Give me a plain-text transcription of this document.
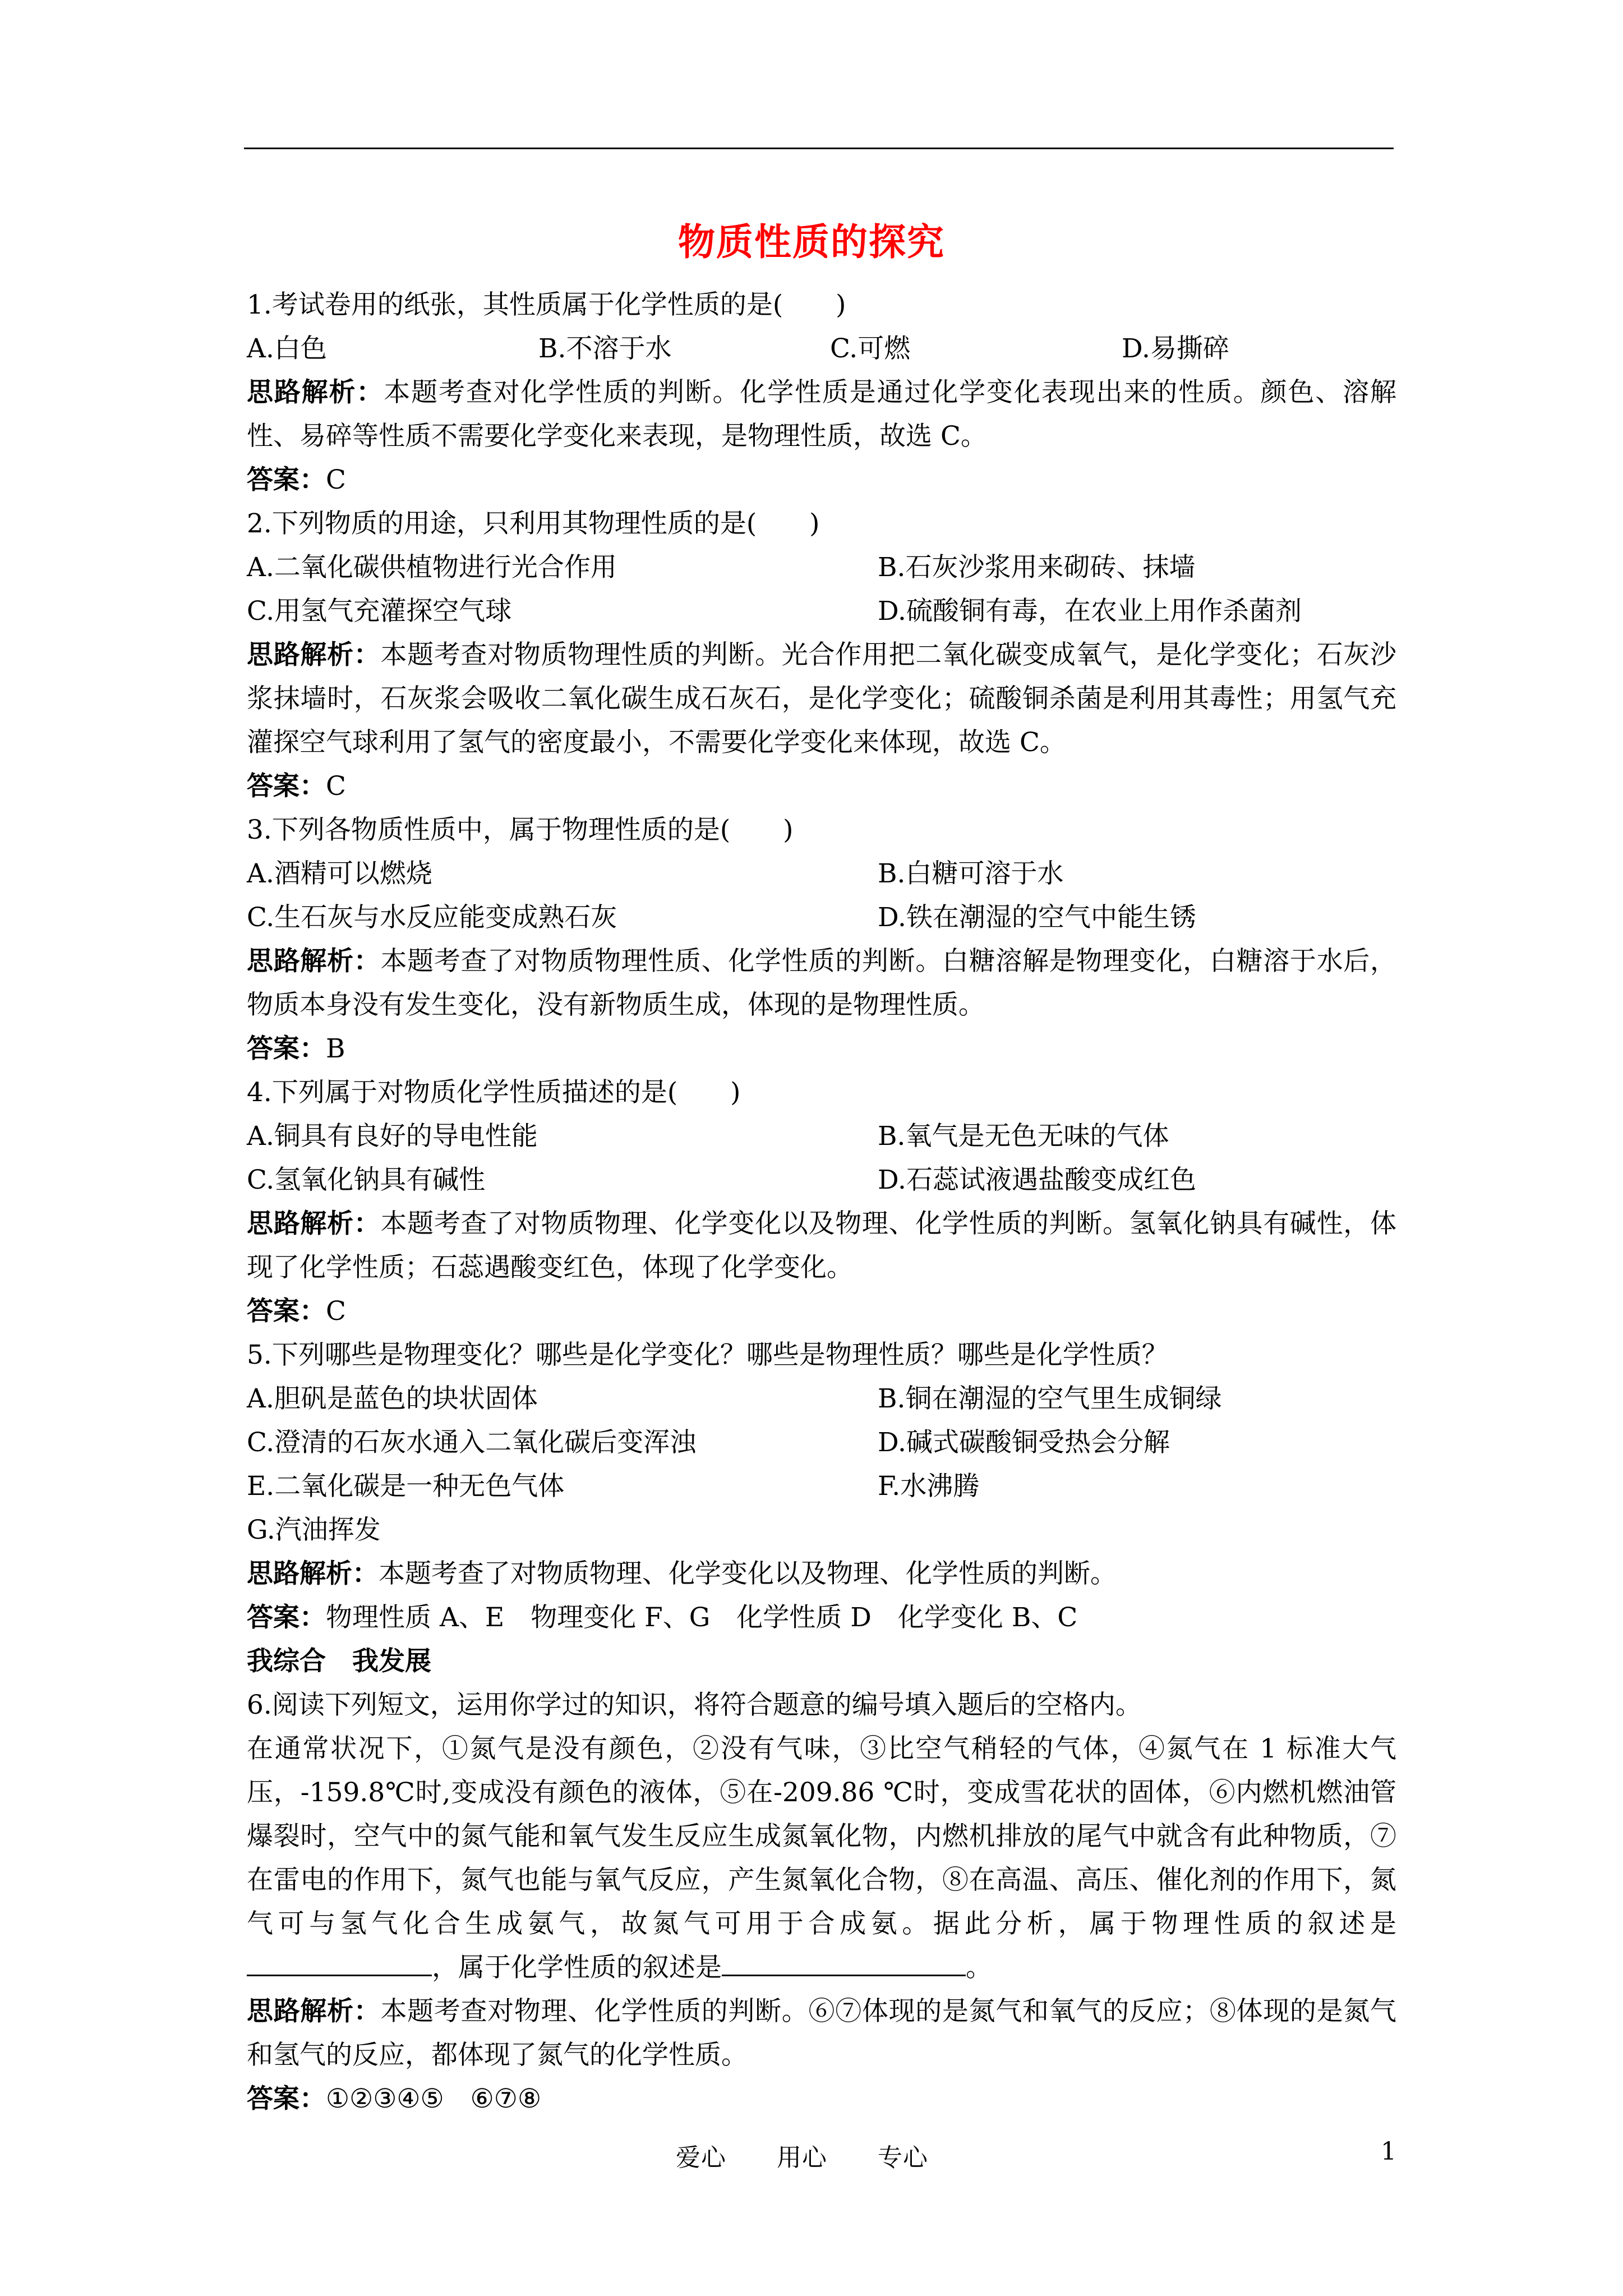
物质性质的探究
1.考试卷用的纸张，其性质属于化学性质的是(　　)
A.白色	B.不溶于水	C.可燃	D.易撕碎
思路解析：本题考查对化学性质的判断。化学性质是通过化学变化表现出来的性质。颜色、溶解性、易碎等性质不需要化学变化来表现，是物理性质，故选 C。
答案：C
2.下列物质的用途，只利用其物理性质的是(　　)
A.二氧化碳供植物进行光合作用	B.石灰沙浆用来砌砖、抹墙
C.用氢气充灌探空气球	D.硫酸铜有毒，在农业上用作杀菌剂
思路解析：本题考查对物质物理性质的判断。光合作用把二氧化碳变成氧气，是化学变化；石灰沙浆抹墙时，石灰浆会吸收二氧化碳生成石灰石，是化学变化；硫酸铜杀菌是利用其毒性；用氢气充灌探空气球利用了氢气的密度最小，不需要化学变化来体现，故选 C。
答案：C
3.下列各物质性质中，属于物理性质的是(　　)
A.酒精可以燃烧	B.白糖可溶于水
C.生石灰与水反应能变成熟石灰	D.铁在潮湿的空气中能生锈
思路解析：本题考查了对物质物理性质、化学性质的判断。白糖溶解是物理变化，白糖溶于水后，物质本身没有发生变化，没有新物质生成，体现的是物理性质。
答案：B
4.下列属于对物质化学性质描述的是(　　)
A.铜具有良好的导电性能	B.氧气是无色无味的气体
C.氢氧化钠具有碱性	D.石蕊试液遇盐酸变成红色
思路解析：本题考查了对物质物理、化学变化以及物理、化学性质的判断。氢氧化钠具有碱性，体现了化学性质；石蕊遇酸变红色，体现了化学变化。
答案：C
5.下列哪些是物理变化？哪些是化学变化？哪些是物理性质？哪些是化学性质？
A.胆矾是蓝色的块状固体	B.铜在潮湿的空气里生成铜绿
C.澄清的石灰水通入二氧化碳后变浑浊	D.碱式碳酸铜受热会分解
E.二氧化碳是一种无色气体	F.水沸腾
G.汽油挥发
思路解析：本题考查了对物质物理、化学变化以及物理、化学性质的判断。
答案：物理性质 A、E　物理变化 F、G　化学性质 D　化学变化 B、C
我综合　我发展
6.阅读下列短文，运用你学过的知识，将符合题意的编号填入题后的空格内。
在通常状况下，①氮气是没有颜色，②没有气味，③比空气稍轻的气体，④氮气在 1 标准大气压，-159.8℃时,变成没有颜色的液体，⑤在-209.86 ℃时，变成雪花状的固体，⑥内燃机燃油管爆裂时，空气中的氮气能和氧气发生反应生成氮氧化物，内燃机排放的尾气中就含有此种物质，⑦在雷电的作用下，氮气也能与氧气反应，产生氮氧化合物，⑧在高温、高压、催化剂的作用下，氮气可与氢气化合生成氨气，故氮气可用于合成氨。据此分析，属于物理性质的叙述是，属于化学性质的叙述是	。
思路解析：本题考查对物理、化学性质的判断。⑥⑦体现的是氮气和氧气的反应；⑧体现的是氮气和氢气的反应，都体现了氮气的化学性质。
答案：①②③④⑤　⑥⑦⑧
爱心 用心 专心	1
